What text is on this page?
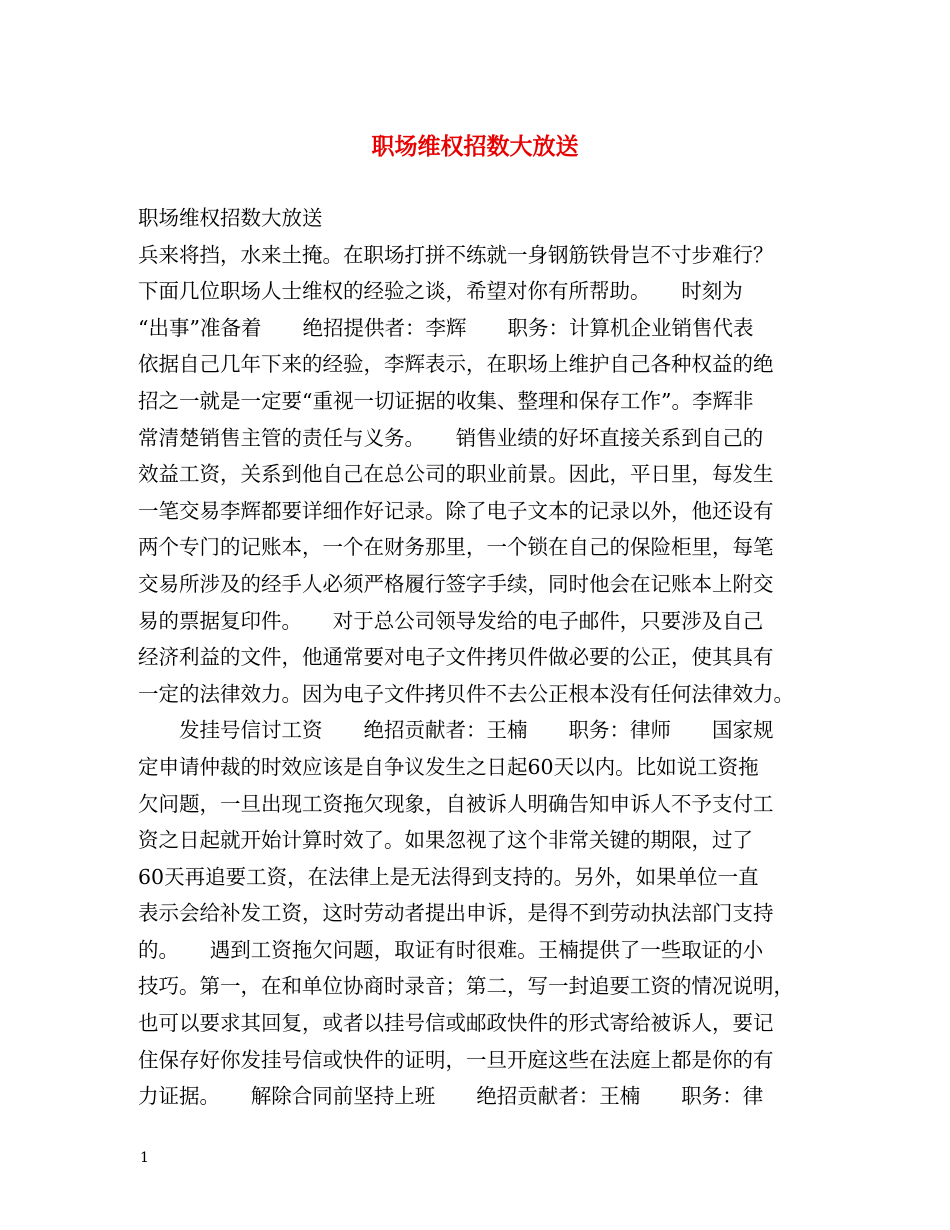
职场维权招数大放送

职场维权招数大放送

兵来将挡，水来土掩。在职场打拼不练就一身钢筋铁骨岂不寸步难行？

下面几位职场人士维权的经验之谈，希望对你有所帮助。　　时刻为

“出事”准备着　　绝招提供者：李辉　　职务：计算机企业销售代表

依据自己几年下来的经验，李辉表示，在职场上维护自己各种权益的绝

招之一就是一定要“重视一切证据的收集、整理和保存工作”。李辉非

常清楚销售主管的责任与义务。　　销售业绩的好坏直接关系到自己的

效益工资，关系到他自己在总公司的职业前景。因此，平日里，每发生

一笔交易李辉都要详细作好记录。除了电子文本的记录以外，他还设有

两个专门的记账本，一个在财务那里，一个锁在自己的保险柜里，每笔

交易所涉及的经手人必须严格履行签字手续，同时他会在记账本上附交

易的票据复印件。　　对于总公司领导发给的电子邮件，只要涉及自己

经济利益的文件，他通常要对电子文件拷贝件做必要的公正，使其具有

一定的法律效力。因为电子文件拷贝件不去公正根本没有任何法律效力。

　　发挂号信讨工资　　绝招贡献者：王楠　　职务：律师　　国家规

定申请仲裁的时效应该是自争议发生之日起60天以内。比如说工资拖

欠问题，一旦出现工资拖欠现象，自被诉人明确告知申诉人不予支付工

资之日起就开始计算时效了。如果忽视了这个非常关键的期限，过了

60天再追要工资，在法律上是无法得到支持的。另外，如果单位一直

表示会给补发工资，这时劳动者提出申诉，是得不到劳动执法部门支持

的。　　遇到工资拖欠问题，取证有时很难。王楠提供了一些取证的小

技巧。第一，在和单位协商时录音；第二，写一封追要工资的情况说明，

也可以要求其回复，或者以挂号信或邮政快件的形式寄给被诉人，要记

住保存好你发挂号信或快件的证明，一旦开庭这些在法庭上都是你的有

力证据。　　解除合同前坚持上班　　绝招贡献者：王楠　　职务：律

1
